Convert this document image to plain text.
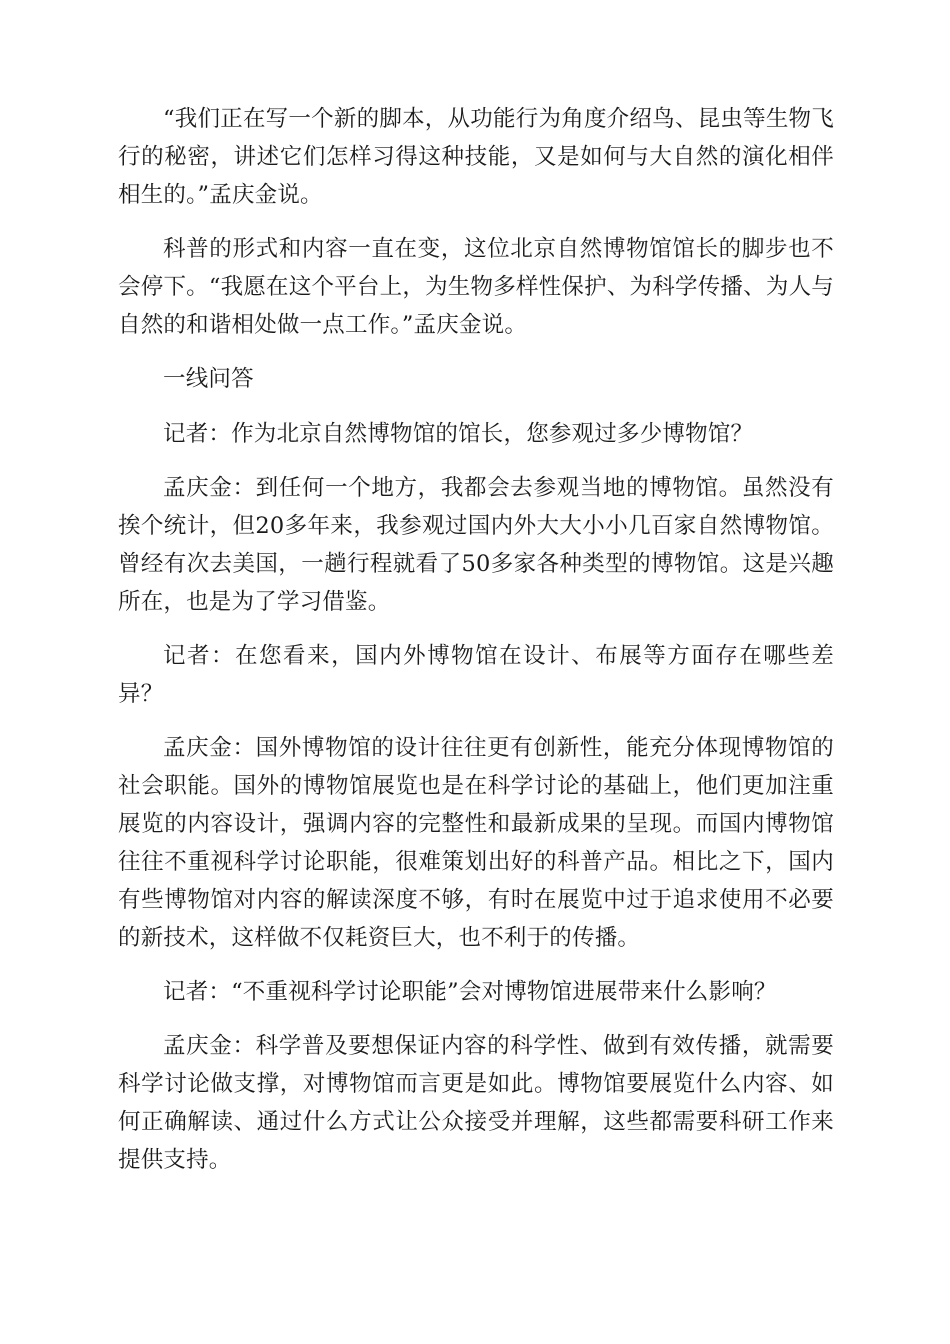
“我们正在写一个新的脚本，从功能行为角度介绍鸟、昆虫等生物飞行的秘密，讲述它们怎样习得这种技能，又是如何与大自然的演化相伴相生的。”孟庆金说。

科普的形式和内容一直在变，这位北京自然博物馆馆长的脚步也不会停下。“我愿在这个平台上，为生物多样性保护、为科学传播、为人与自然的和谐相处做一点工作。”孟庆金说。

一线问答

记者：作为北京自然博物馆的馆长，您参观过多少博物馆？

孟庆金：到任何一个地方，我都会去参观当地的博物馆。虽然没有挨个统计，但20多年来，我参观过国内外大大小小几百家自然博物馆。曾经有次去美国，一趟行程就看了50多家各种类型的博物馆。这是兴趣所在，也是为了学习借鉴。

记者：在您看来，国内外博物馆在设计、布展等方面存在哪些差异？

孟庆金：国外博物馆的设计往往更有创新性，能充分体现博物馆的社会职能。国外的博物馆展览也是在科学讨论的基础上，他们更加注重展览的内容设计，强调内容的完整性和最新成果的呈现。而国内博物馆往往不重视科学讨论职能，很难策划出好的科普产品。相比之下，国内有些博物馆对内容的解读深度不够，有时在展览中过于追求使用不必要的新技术，这样做不仅耗资巨大，也不利于的传播。

记者：“不重视科学讨论职能”会对博物馆进展带来什么影响？

孟庆金：科学普及要想保证内容的科学性、做到有效传播，就需要科学讨论做支撑，对博物馆而言更是如此。博物馆要展览什么内容、如何正确解读、通过什么方式让公众接受并理解，这些都需要科研工作来提供支持。
